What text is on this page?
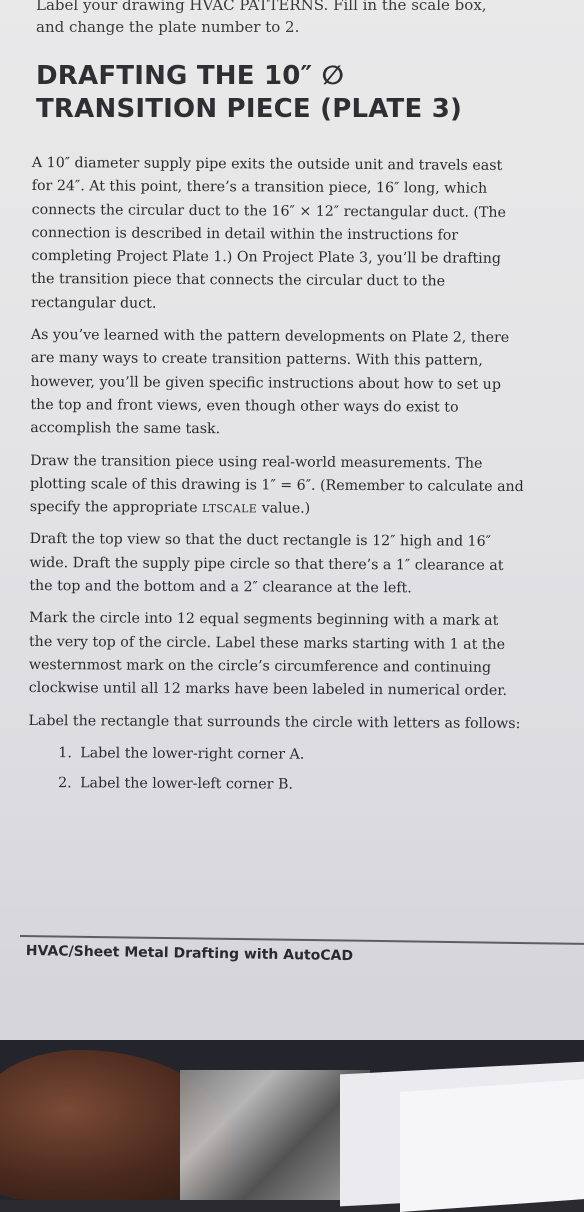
Label your drawing HVAC PATTERNS. Fill in the scale box,
and change the plate number to 2.
DRAFTING THE 10″ ∅
TRANSITION PIECE (PLATE 3)

A 10″ diameter supply pipe exits the outside unit and travels east for 24″. At this point, there’s a transition piece, 16″ long, which connects the circular duct to the 16″ × 12″ rectangular duct. (The connection is described in detail within the instructions for completing Project Plate 1.) On Project Plate 3, you’ll be drafting the transition piece that connects the circular duct to the rectangular duct.

As you’ve learned with the pattern developments on Plate 2, there are many ways to create transition patterns. With this pattern, however, you’ll be given specific instructions about how to set up the top and front views, even though other ways do exist to accomplish the same task.

Draw the transition piece using real-world measurements. The plotting scale of this drawing is 1″ = 6″. (Remember to calculate and specify the appropriate LTSCALE value.)

Draft the top view so that the duct rectangle is 12″ high and 16″ wide. Draft the supply pipe circle so that there’s a 1″ clearance at the top and the bottom and a 2″ clearance at the left.

Mark the circle into 12 equal segments beginning with a mark at the very top of the circle. Label these marks starting with 1 at the westernmost mark on the circle’s circumference and continuing clockwise until all 12 marks have been labeled in numerical order.

Label the rectangle that surrounds the circle with letters as follows:

1. Label the lower-right corner A.
2. Label the lower-left corner B.
HVAC/Sheet Metal Drafting with AutoCAD
